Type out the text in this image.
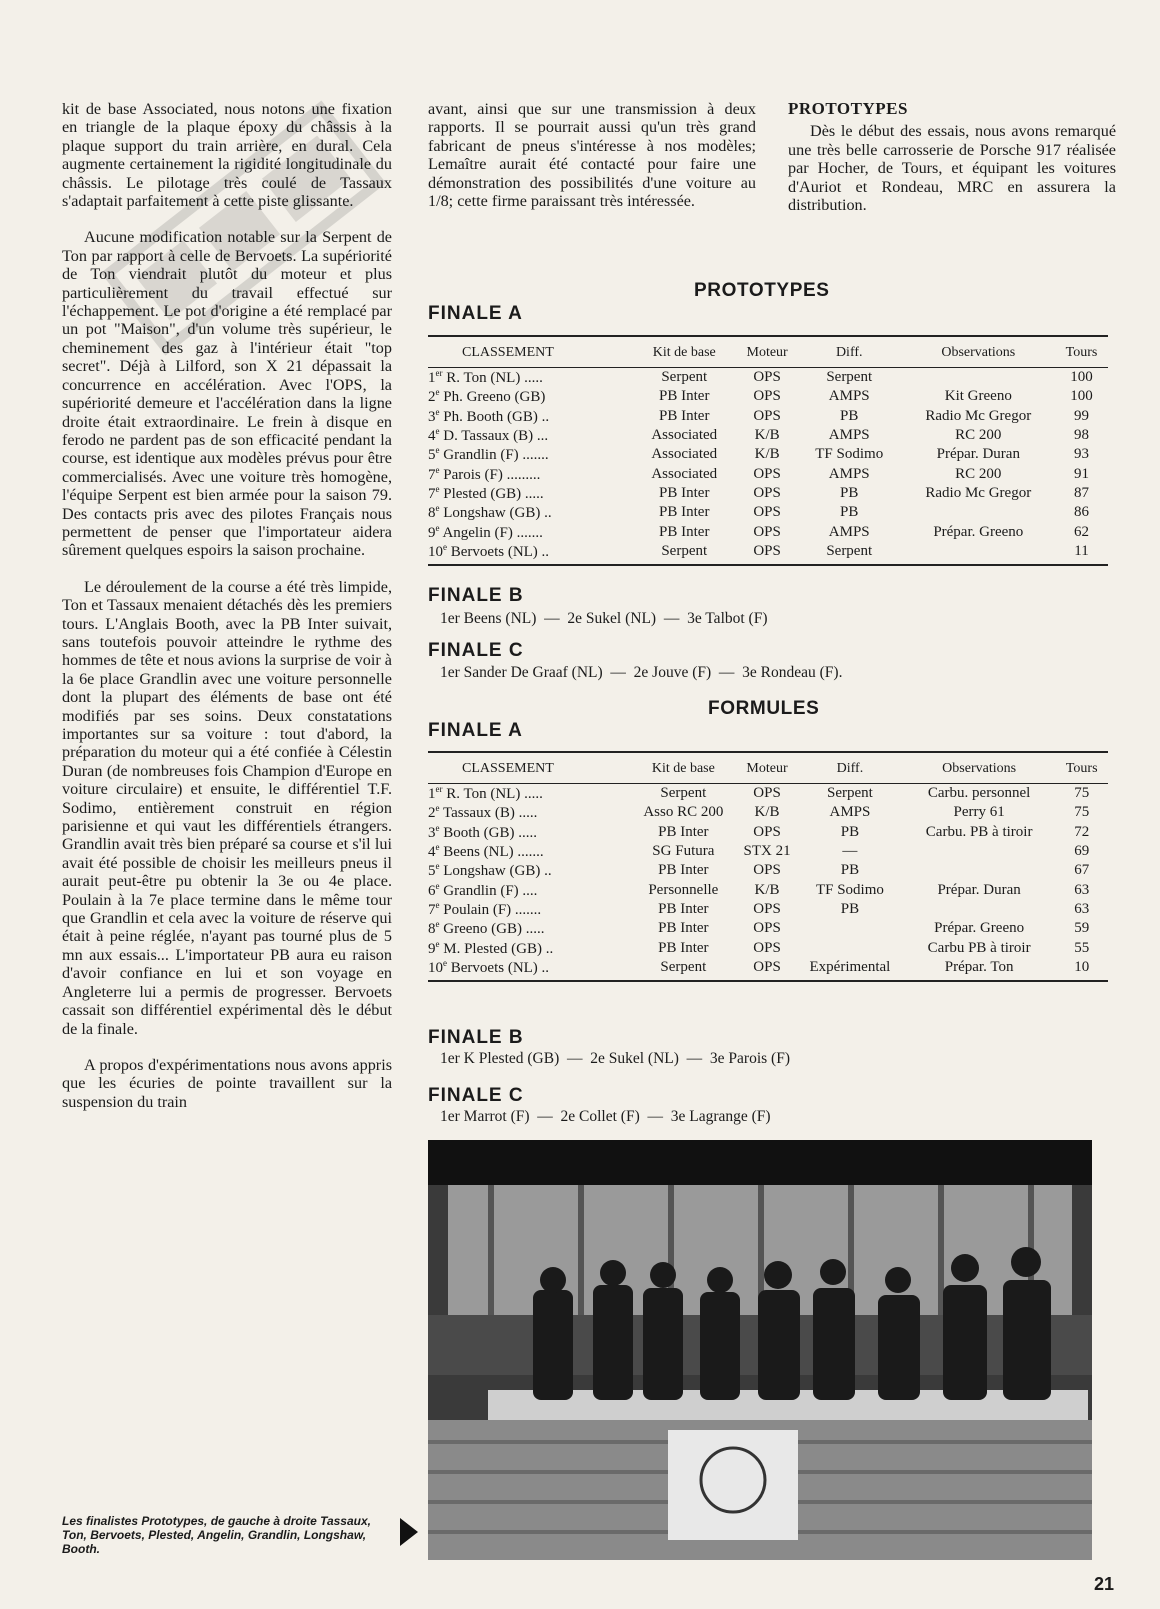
kit de base Associated, nous notons une fixation en triangle de la plaque époxy du châssis à la plaque support du train arrière, en dural. Cela augmente certainement la rigidité longitudinale du châssis. Le pilotage très coulé de Tassaux s'adaptait parfaitement à cette piste glissante.

Aucune modification notable sur la Serpent de Ton par rapport à celle de Bervoets. La supériorité de Ton viendrait plutôt du moteur et plus particulièrement du travail effectué sur l'échappement. Le pot d'origine a été remplacé par un pot "Maison", d'un volume très supérieur, le cheminement des gaz à l'intérieur était "top secret". Déjà à Lilford, son X 21 dépassait la concurrence en accélération. Avec l'OPS, la supériorité demeure et l'accélération dans la ligne droite était extraordinaire. Le frein à disque en ferodo ne pardent pas de son efficacité pendant la course, est identique aux modèles prévus pour être commercialisés. Avec une voiture très homogène, l'équipe Serpent est bien armée pour la saison 79. Des contacts pris avec des pilotes Français nous permettent de penser que l'importateur aidera sûrement quelques espoirs la saison prochaine.

Le déroulement de la course a été très limpide, Ton et Tassaux menaient détachés dès les premiers tours. L'Anglais Booth, avec la PB Inter suivait, sans toutefois pouvoir atteindre le rythme des hommes de tête et nous avions la surprise de voir à la 6e place Grandlin avec une voiture personnelle dont la plupart des éléments de base ont été modifiés par ses soins. Deux constatations importantes sur sa voiture : tout d'abord, la préparation du moteur qui a été confiée à Célestin Duran (de nombreuses fois Champion d'Europe en voiture circulaire) et ensuite, le différentiel T.F. Sodimo, entièrement construit en région parisienne et qui vaut les différentiels étrangers. Grandlin avait très bien préparé sa course et s'il lui avait été possible de choisir les meilleurs pneus il aurait peut-être pu obtenir la 3e ou 4e place. Poulain à la 7e place termine dans le même tour que Grandlin et cela avec la voiture de réserve qui était à peine réglée, n'ayant pas tourné plus de 5 mn aux essais... L'importateur PB aura eu raison d'avoir confiance en lui et son voyage en Angleterre lui a permis de progresser. Bervoets cassait son différentiel expérimental dès le début de la finale.

A propos d'expérimentations nous avons appris que les écuries de pointe travaillent sur la suspension du train

avant, ainsi que sur une transmission à deux rapports. Il se pourrait aussi qu'un très grand fabricant de pneus s'intéresse à nos modèles; Lemaître aurait été contacté pour faire une démonstration des possibilités d'une voiture au 1/8; cette firme paraissant très intéressée.

PROTOTYPES

Dès le début des essais, nous avons remarqué une très belle carrosserie de Porsche 917 réalisée par Hocher, de Tours, et équipant les voitures d'Auriot et Rondeau, MRC en assurera la distribution.

PROTOTYPES
FINALE A
CLASSEMENT	Kit de base	Moteur	Diff.	Observations	Tours
1er R. Ton (NL) .....	Serpent	OPS	Serpent		100
2e Ph. Greeno (GB)	PB Inter	OPS	AMPS	Kit Greeno	100
3e Ph. Booth (GB) ..	PB Inter	OPS	PB	Radio Mc Gregor	99
4e D. Tassaux (B) ...	Associated	K/B	AMPS	RC 200	98
5e Grandlin (F) .......	Associated	K/B	TF Sodimo	Prépar. Duran	93
7e Parois (F) .........	Associated	OPS	AMPS	RC 200	91
7e Plested (GB) .....	PB Inter	OPS	PB	Radio Mc Gregor	87
8e Longshaw (GB) ..	PB Inter	OPS	PB		86
9e Angelin (F) .......	PB Inter	OPS	AMPS	Prépar. Greeno	62
10e Bervoets (NL) ..	Serpent	OPS	Serpent		11
FINALE B
1er Beens (NL)  —  2e Sukel (NL)  —  3e Talbot (F)
FINALE C
1er Sander De Graaf (NL)  —  2e Jouve (F)  —  3e Rondeau (F).
FORMULES
FINALE A
CLASSEMENT	Kit de base	Moteur	Diff.	Observations	Tours
1er R. Ton (NL) .....	Serpent	OPS	Serpent	Carbu. personnel	75
2e Tassaux (B) .....	Asso RC 200	K/B	AMPS	Perry 61	75
3e Booth (GB) .....	PB Inter	OPS	PB	Carbu. PB à tiroir	72
4e Beens (NL) .......	SG Futura	STX 21	—		69
5e Longshaw (GB) ..	PB Inter	OPS	PB		67
6e Grandlin (F) ....	Personnelle	K/B	TF Sodimo	Prépar. Duran	63
7e Poulain (F) .......	PB Inter	OPS	PB		63
8e Greeno (GB) .....	PB Inter	OPS		Prépar. Greeno	59
9e M. Plested (GB) ..	PB Inter	OPS		Carbu PB à tiroir	55
10e Bervoets (NL) ..	Serpent	OPS	Expérimental	Prépar. Ton	10
FINALE B
1er K Plested (GB)  —  2e Sukel (NL)  —  3e Parois (F)
FINALE C
1er Marrot (F)  —  2e Collet (F)  —  3e Lagrange (F)
Les finalistes Prototypes, de gauche à droite Tassaux, Ton, Bervoets, Plested, Angelin, Grandlin, Longshaw, Booth.
21
